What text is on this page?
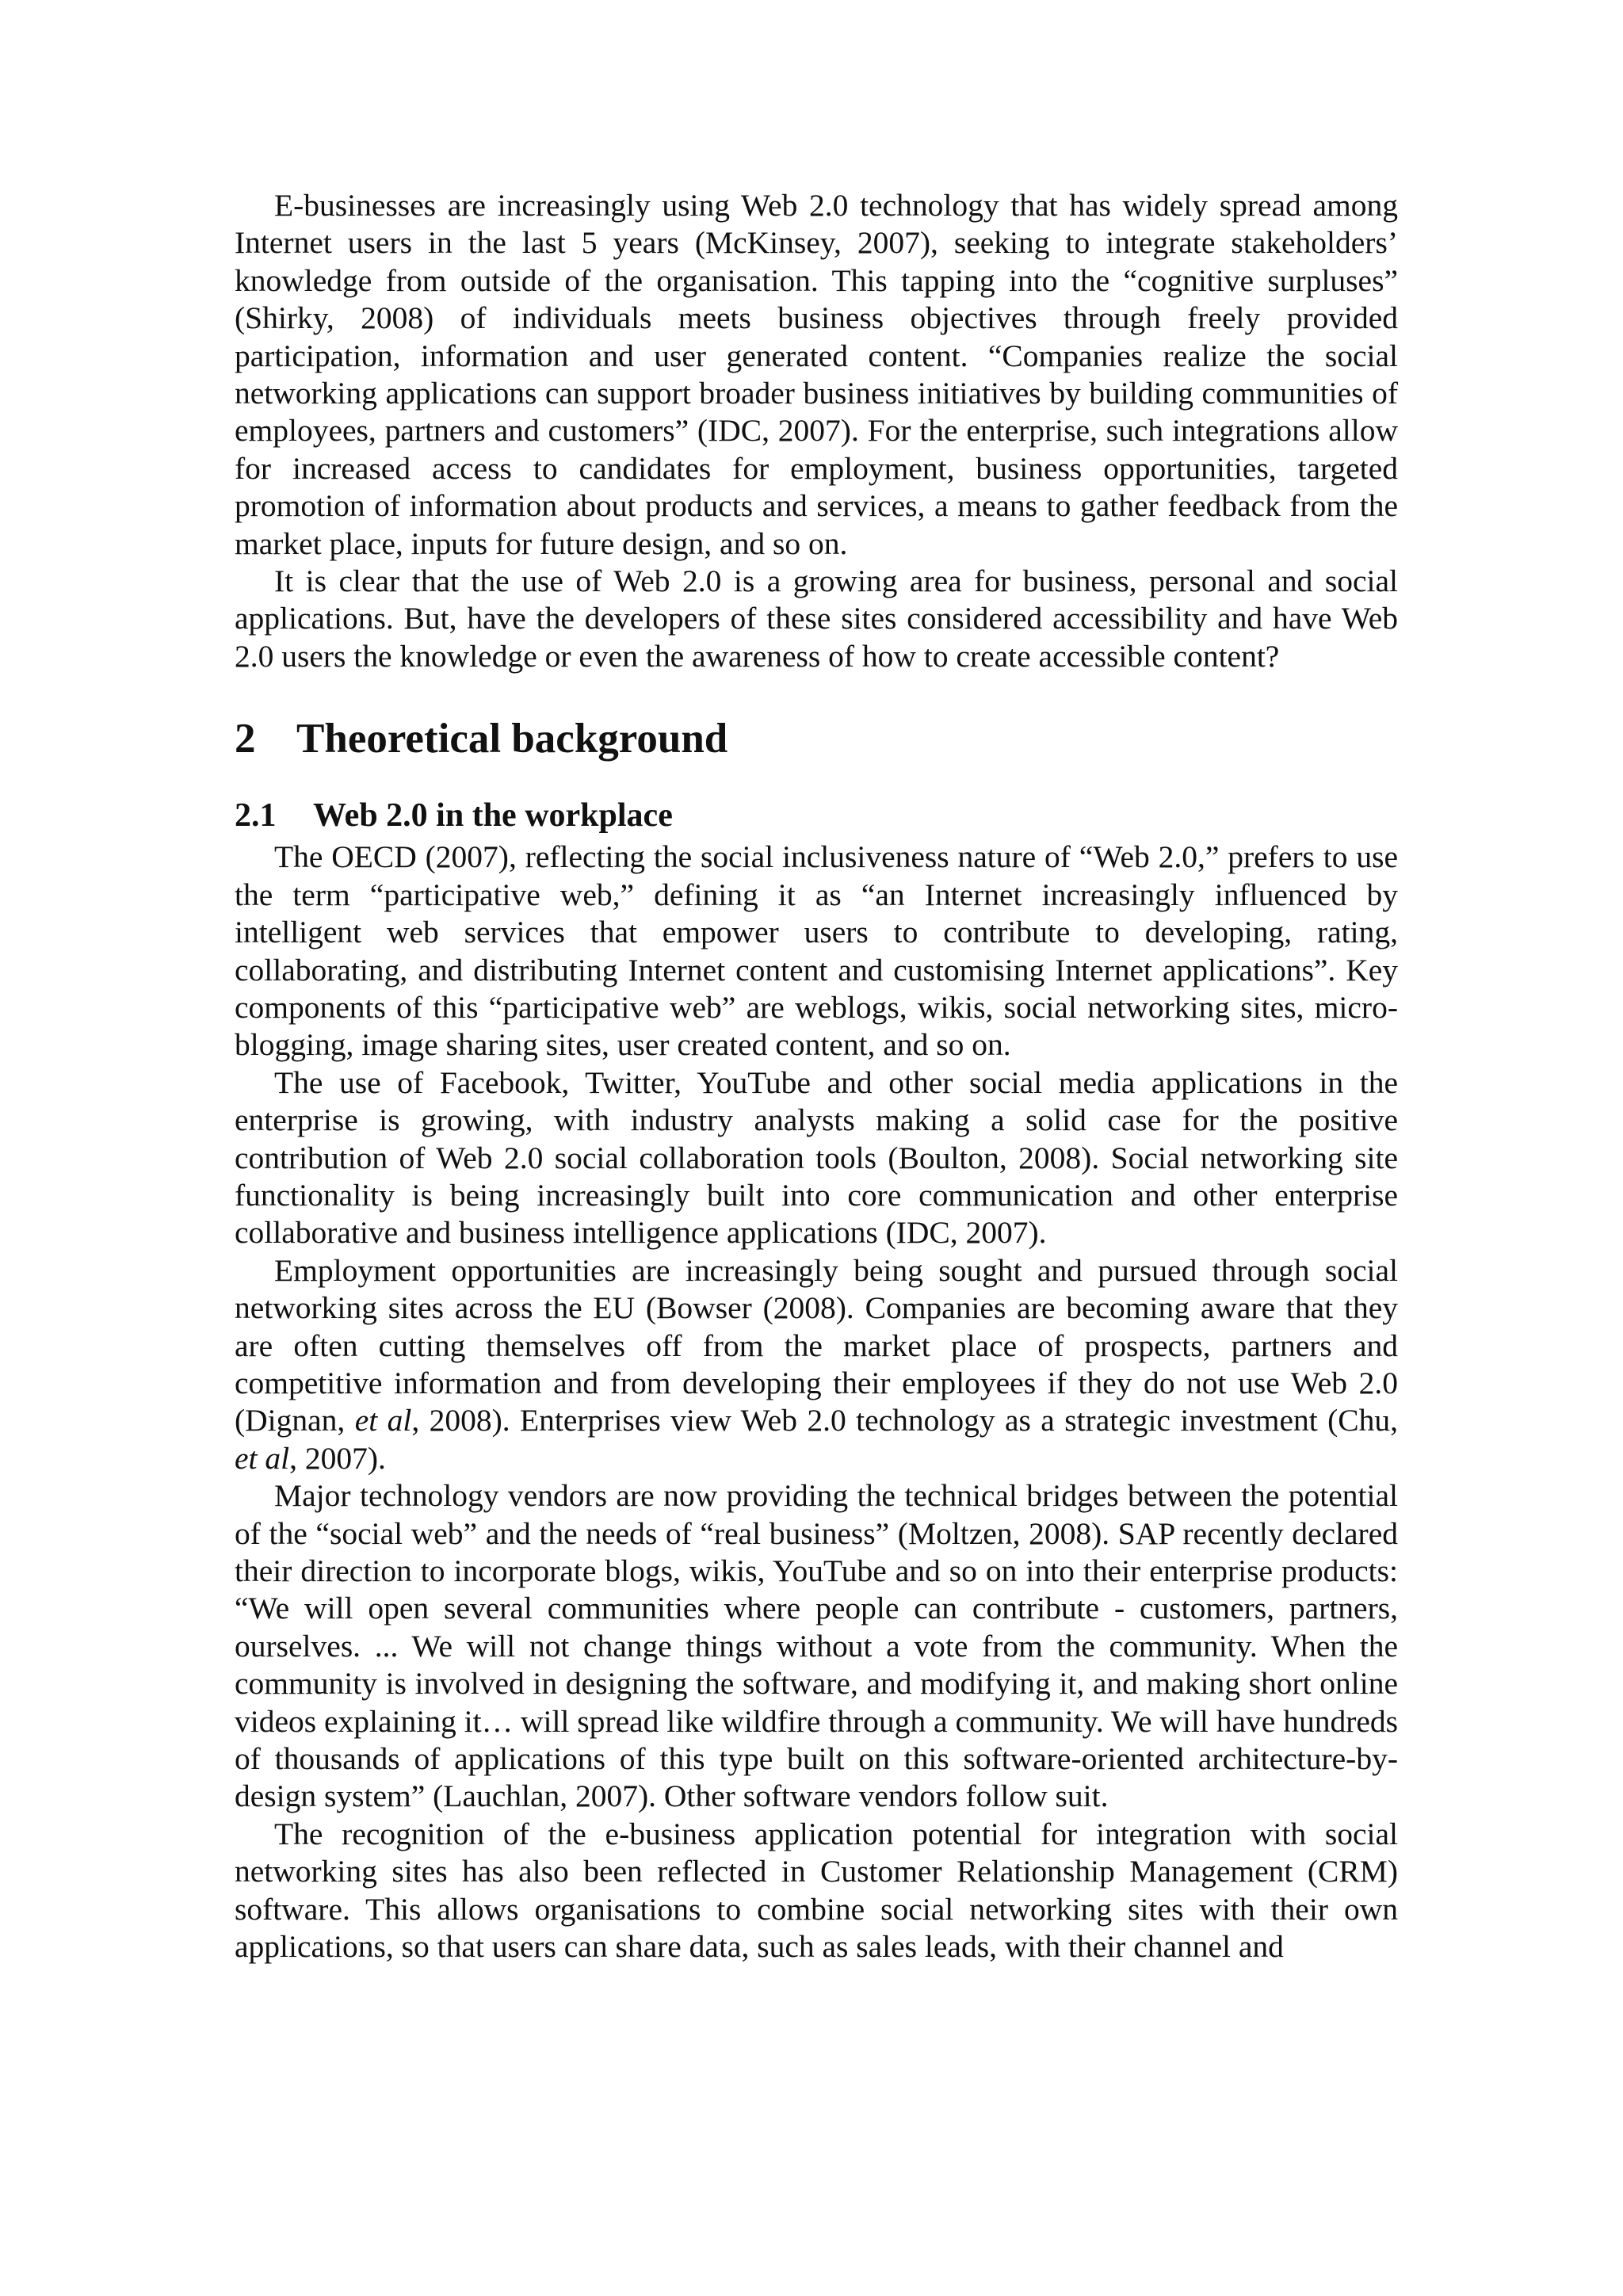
E-businesses are increasingly using Web 2.0 technology that has widely spread among Internet users in the last 5 years (McKinsey, 2007), seeking to integrate stakeholders’ knowledge from outside of the organisation. This tapping into the “cognitive surpluses” (Shirky, 2008) of individuals meets business objectives through freely provided participation, information and user generated content. “Companies realize the social networking applications can support broader business initiatives by building communities of employees, partners and customers” (IDC, 2007). For the enterprise, such integrations allow for increased access to candidates for employment, business opportunities, targeted promotion of information about products and services, a means to gather feedback from the market place, inputs for future design, and so on.

It is clear that the use of Web 2.0 is a growing area for business, personal and social applications. But, have the developers of these sites considered accessibility and have Web 2.0 users the knowledge or even the awareness of how to create accessible content?

2 Theoretical background
2.1 Web 2.0 in the workplace

The OECD (2007), reflecting the social inclusiveness nature of “Web 2.0,” prefers to use the term “participative web,” defining it as “an Internet increasingly influenced by intelligent web services that empower users to contribute to developing, rating, collaborating, and distributing Internet content and customising Internet applications”. Key components of this “participative web” are weblogs, wikis, social networking sites, micro-blogging, image sharing sites, user created content, and so on.

The use of Facebook, Twitter, YouTube and other social media applications in the enterprise is growing, with industry analysts making a solid case for the positive contribution of Web 2.0 social collaboration tools (Boulton, 2008). Social networking site functionality is being increasingly built into core communication and other enterprise collaborative and business intelligence applications (IDC, 2007).

Employment opportunities are increasingly being sought and pursued through social networking sites across the EU (Bowser (2008). Companies are becoming aware that they are often cutting themselves off from the market place of prospects, partners and competitive information and from developing their employees if they do not use Web 2.0 (Dignan, et al, 2008). Enterprises view Web 2.0 technology as a strategic investment (Chu, et al, 2007).

Major technology vendors are now providing the technical bridges between the potential of the “social web” and the needs of “real business” (Moltzen, 2008). SAP recently declared their direction to incorporate blogs, wikis, YouTube and so on into their enterprise products: “We will open several communities where people can contribute - customers, partners, ourselves. ... We will not change things without a vote from the community. When the community is involved in designing the software, and modifying it, and making short online videos explaining it… will spread like wildfire through a community. We will have hundreds of thousands of applications of this type built on this software-oriented architecture-by-design system” (Lauchlan, 2007). Other software vendors follow suit.

The recognition of the e-business application potential for integration with social networking sites has also been reflected in Customer Relationship Management (CRM) software. This allows organisations to combine social networking sites with their own applications, so that users can share data, such as sales leads, with their channel and
